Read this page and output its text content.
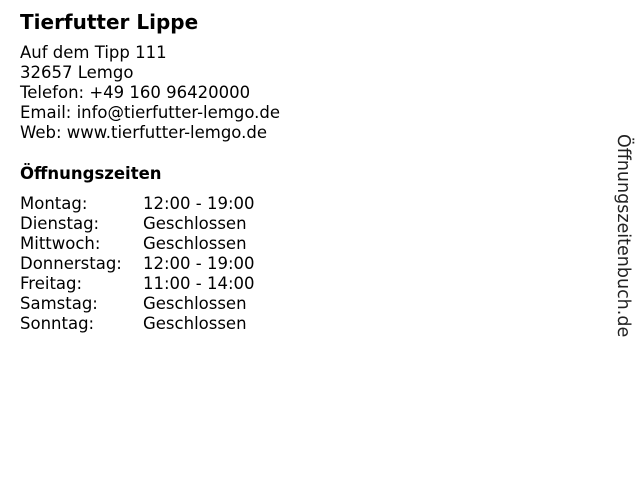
Tierfutter Lippe
Auf dem Tipp 111
32657 Lemgo
Telefon: +49 160 96420000
Email: info@tierfutter-lemgo.de
Web: www.tierfutter-lemgo.de
Öffnungszeiten
Montag:	12:00 - 19:00
Dienstag:	Geschlossen
Mittwoch:	Geschlossen
Donnerstag:	12:00 - 19:00
Freitag:	11:00 - 14:00
Samstag:	Geschlossen
Sonntag:	Geschlossen	Öffnungszeitenbuch.de
